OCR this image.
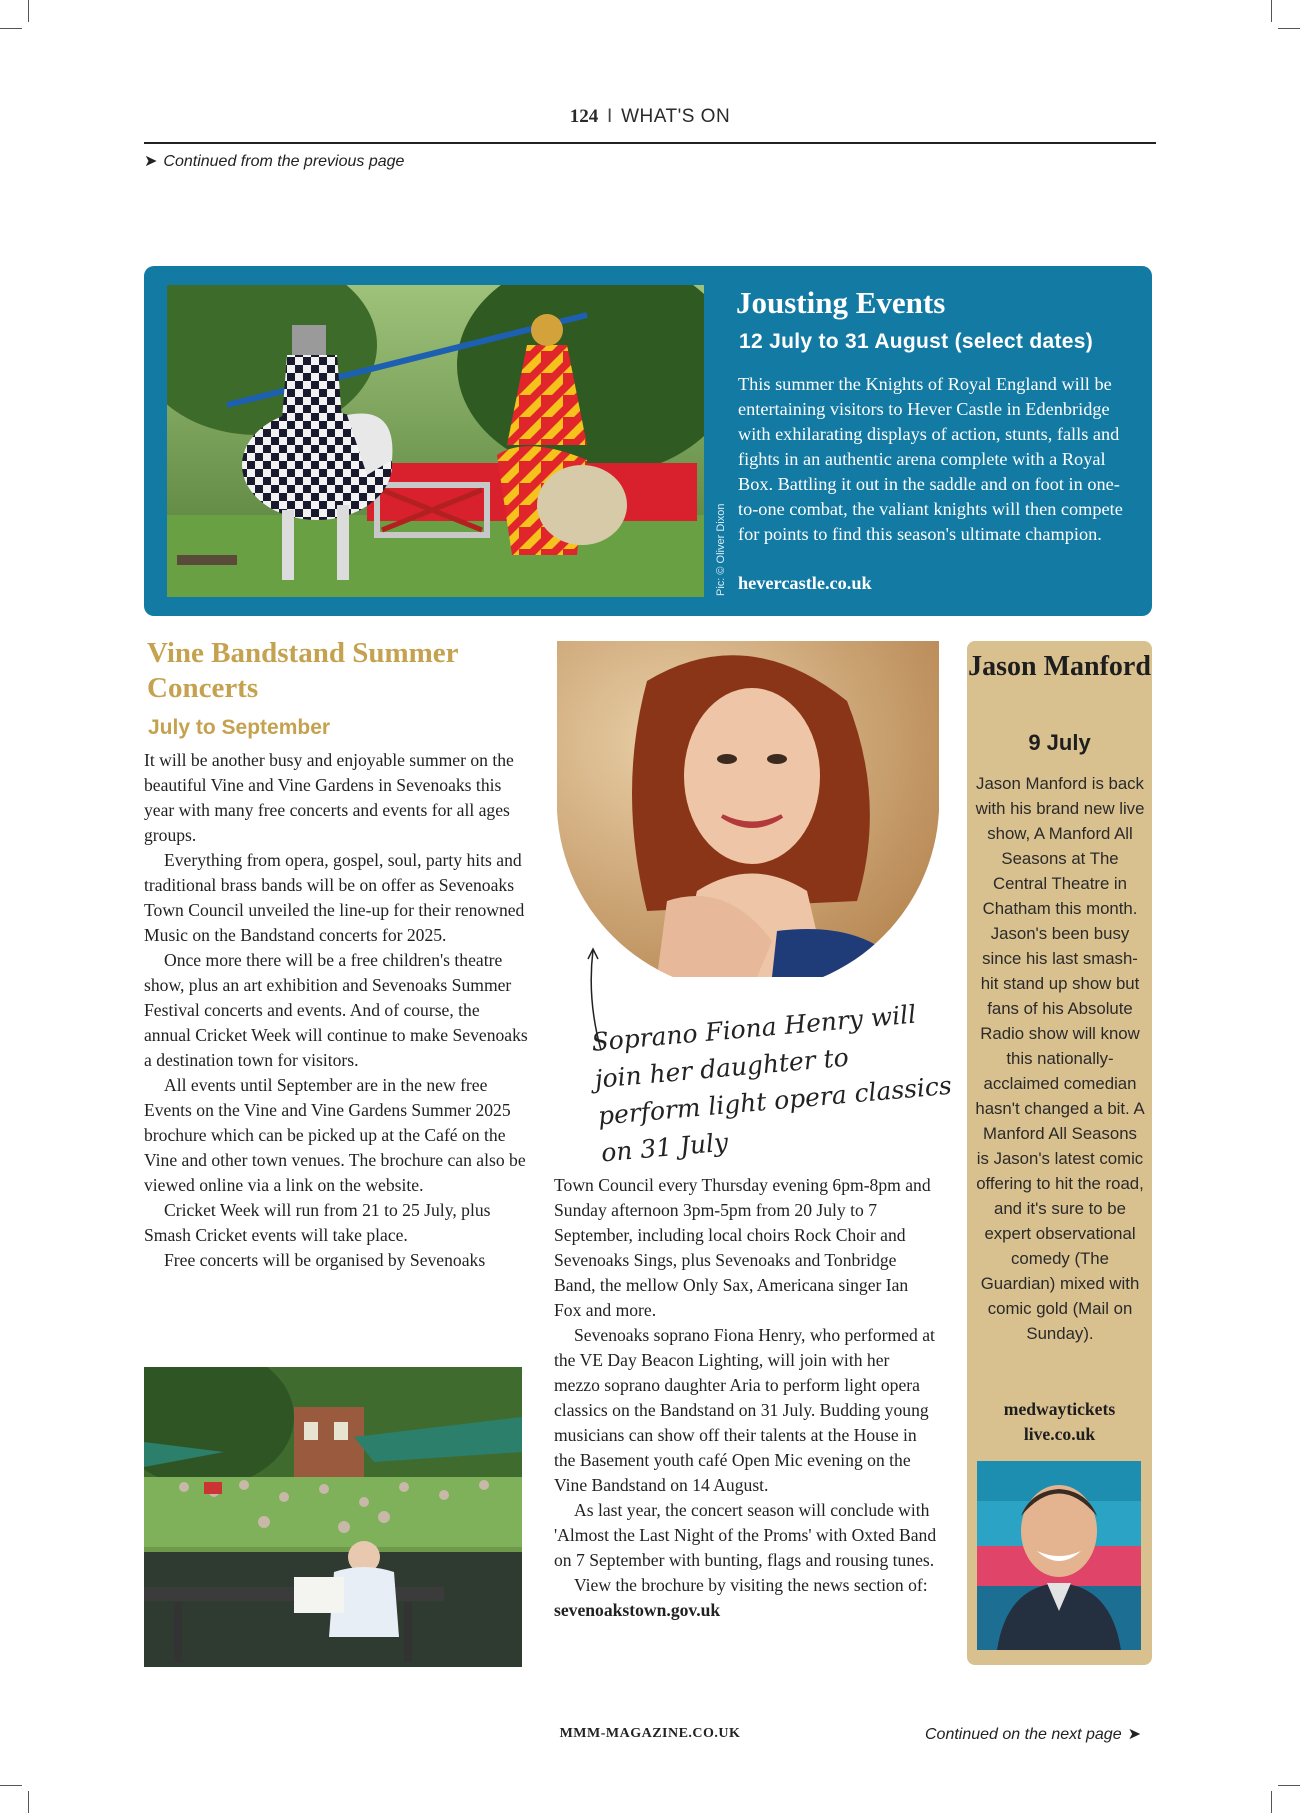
124 I WHAT'S ON
➤ Continued from the previous page
Pic: © Oliver Dixon
Jousting Events
12 July to 31 August (select dates)
This summer the Knights of Royal England will be entertaining visitors to Hever Castle in Edenbridge with exhilarating displays of action, stunts, falls and fights in an authentic arena complete with a Royal Box. Battling it out in the saddle and on foot in one-to-one combat, the valiant knights will then compete for points to find this season's ultimate champion.
hevercastle.co.uk
Vine Bandstand Summer Concerts
July to September

It will be another busy and enjoyable summer on the beautiful Vine and Vine Gardens in Sevenoaks this year with many free concerts and events for all ages groups.

Everything from opera, gospel, soul, party hits and traditional brass bands will be on offer as Sevenoaks Town Council unveiled the line-up for their renowned Music on the Bandstand concerts for 2025.

Once more there will be a free children's theatre show, plus an art exhibition and Sevenoaks Summer Festival concerts and events. And of course, the annual Cricket Week will continue to make Sevenoaks a destination town for visitors.

All events until September are in the new free Events on the Vine and Vine Gardens Summer 2025 brochure which can be picked up at the Café on the Vine and other town venues. The brochure can also be viewed online via a link on the website.

Cricket Week will run from 21 to 25 July, plus Smash Cricket events will take place.

Free concerts will be organised by Sevenoaks

Soprano Fiona Henry will join her daughter to perform light opera classics on 31 July

Town Council every Thursday evening 6pm-8pm and Sunday afternoon 3pm-5pm from 20 July to 7 September, including local choirs Rock Choir and Sevenoaks Sings, plus Sevenoaks and Tonbridge Band, the mellow Only Sax, Americana singer Ian Fox and more.

Sevenoaks soprano Fiona Henry, who performed at the VE Day Beacon Lighting, will join with her mezzo soprano daughter Aria to perform light opera classics on the Bandstand on 31 July. Budding young musicians can show off their talents at the House in the Basement youth café Open Mic evening on the Vine Bandstand on 14 August.

As last year, the concert season will conclude with 'Almost the Last Night of the Proms' with Oxted Band on 7 September with bunting, flags and rousing tunes.

View the brochure by visiting the news section of: sevenoakstown.gov.uk

Jason Manford
9 July
Jason Manford is back with his brand new live show, A Manford All Seasons at The Central Theatre in Chatham this month.
Jason's been busy since his last smash-hit stand up show but fans of his Absolute Radio show will know this nationally-acclaimed comedian hasn't changed a bit. A Manford All Seasons is Jason's latest comic offering to hit the road, and it's sure to be expert observational comedy (The Guardian) mixed with comic gold (Mail on Sunday).
medwaytickets live.co.uk
MMM-MAGAZINE.CO.UK	Continued on the next page ➤
